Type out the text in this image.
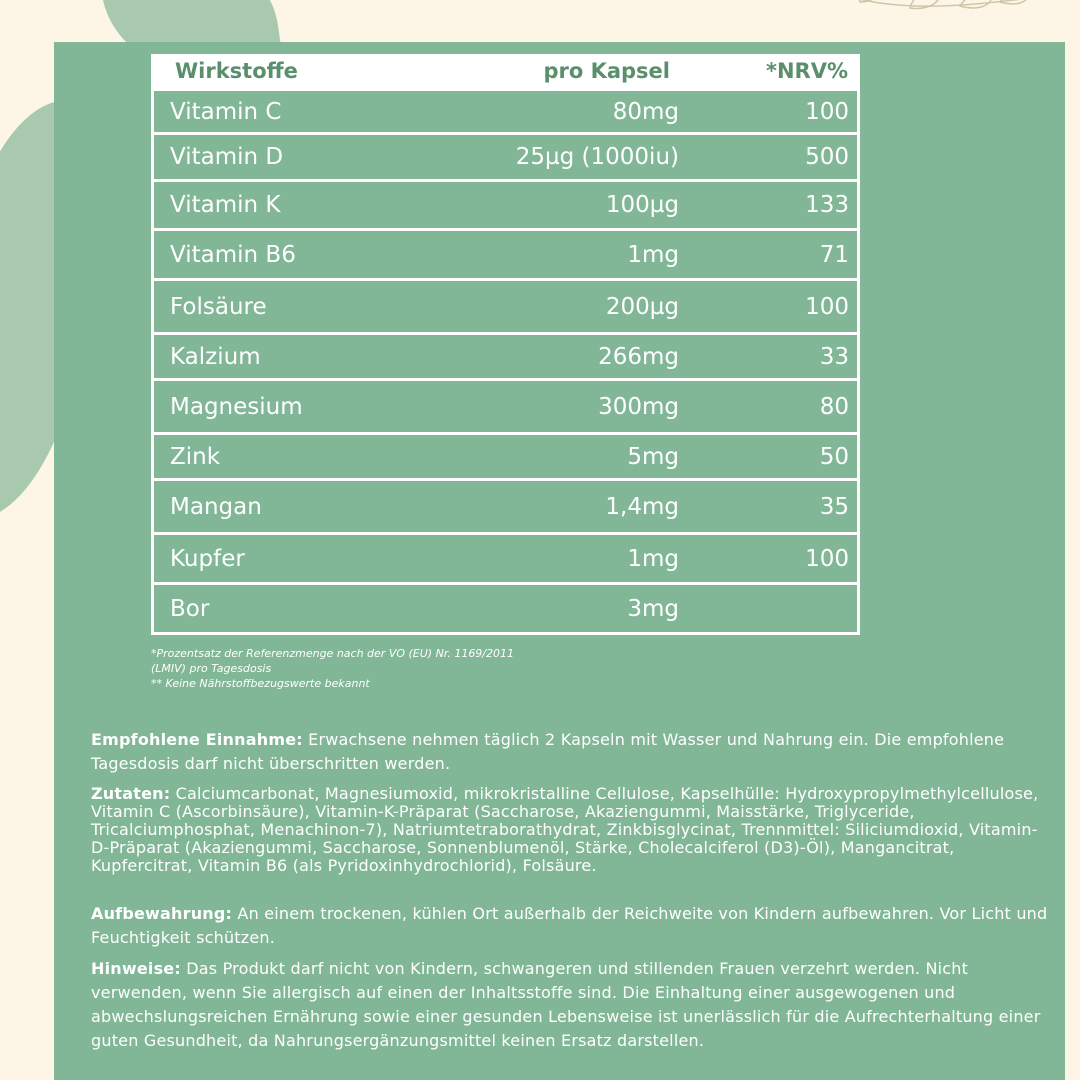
Wirkstoffe	pro Kapsel	*NRV%
Vitamin C	80mg	100
Vitamin D	25µg (1000iu)	500
Vitamin K	100µg	133
Vitamin B6	1mg	71
Folsäure	200µg	100
Kalzium	266mg	33
Magnesium	300mg	80
Zink	5mg	50
Mangan	1,4mg	35
Kupfer	1mg	100
Bor	3mg
*Prozentsatz der Referenzmenge nach der VO (EU) Nr. 1169/2011
(LMIV) pro Tagesdosis
** Keine Nährstoffbezugswerte bekannt
Empfohlene Einnahme: Erwachsene nehmen täglich 2 Kapseln mit Wasser und Nahrung ein. Die empfohlene Tagesdosis darf nicht überschritten werden.
Zutaten: Calciumcarbonat, Magnesiumoxid, mikrokristalline Cellulose, Kapselhülle: Hydroxypropylmethylcellulose, Vitamin C (Ascorbinsäure), Vitamin-K-Präparat (Saccharose, Akaziengummi, Maisstärke, Triglyceride, Tricalciumphosphat, Menachinon-7), Natriumtetraborathydrat, Zinkbisglycinat, Trennmittel: Siliciumdioxid, Vitamin-D-Präparat (Akaziengummi, Saccharose, Sonnenblumenöl, Stärke, Cholecalciferol (D3)-Öl), Mangancitrat, Kupfercitrat, Vitamin B6 (als Pyridoxinhydrochlorid), Folsäure.
Aufbewahrung: An einem trockenen, kühlen Ort außerhalb der Reichweite von Kindern aufbewahren. Vor Licht und Feuchtigkeit schützen.
Hinweise: Das Produkt darf nicht von Kindern, schwangeren und stillenden Frauen verzehrt werden. Nicht verwenden, wenn Sie allergisch auf einen der Inhaltsstoffe sind. Die Einhaltung einer ausgewogenen und abwechslungsreichen Ernährung sowie einer gesunden Lebensweise ist unerlässlich für die Aufrechterhaltung einer guten Gesundheit, da Nahrungsergänzungsmittel keinen Ersatz darstellen.
